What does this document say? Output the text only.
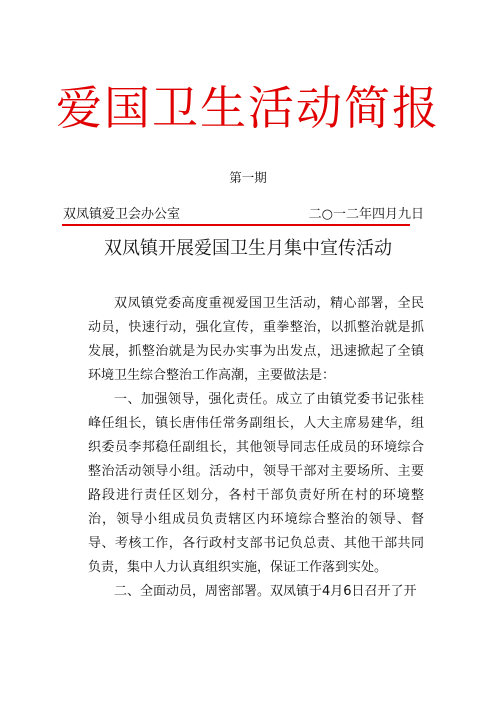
爱国卫生活动简报
第一期
双凤镇爱卫会办公室	二○一二年四月九日
双凤镇开展爱国卫生月集中宣传活动

双凤镇党委高度重视爱国卫生活动，精心部署，全民动员，快速行动，强化宣传，重拳整治，以抓整治就是抓发展，抓整治就是为民办实事为出发点，迅速掀起了全镇环境卫生综合整治工作高潮，主要做法是：

一、加强领导，强化责任。成立了由镇党委书记张桂峰任组长，镇长唐伟任常务副组长，人大主席易建华，组织委员李邦稳任副组长，其他领导同志任成员的环境综合整治活动领导小组。活动中，领导干部对主要场所、主要路段进行责任区划分，各村干部负责好所在村的环境整治，领导小组成员负责辖区内环境综合整治的领导、督导、考核工作，各行政村支部书记负总责、其他干部共同负责，集中人力认真组织实施，保证工作落到实处。

二、全面动员，周密部署。双凤镇于4月6日召开了开
